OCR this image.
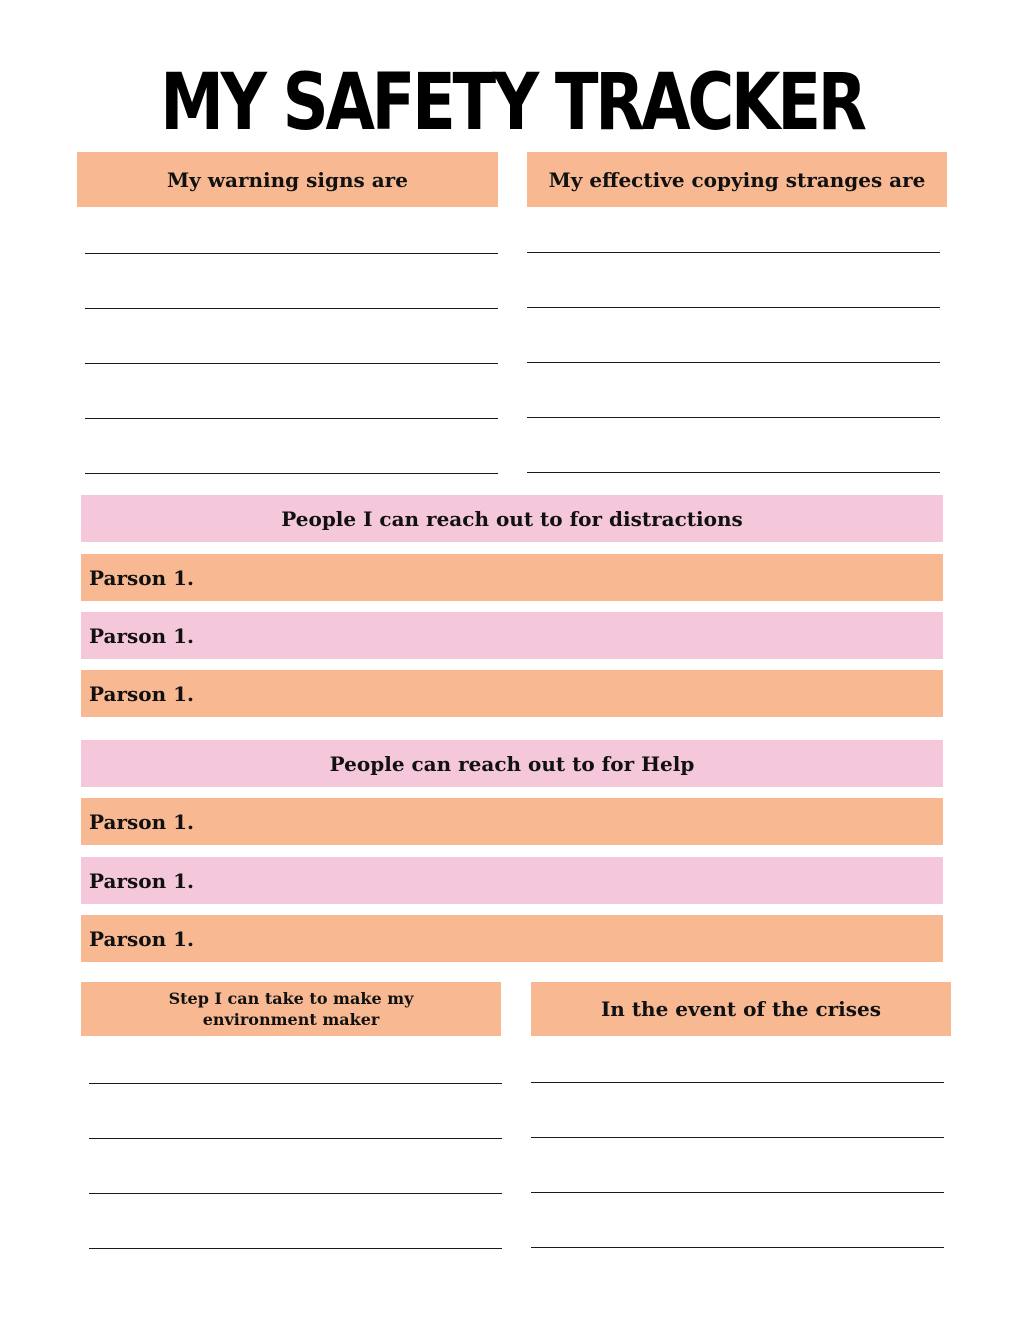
MY SAFETY TRACKER
My warning signs are	My effective copying stranges are
People I can reach out to for distractions
Parson 1.
Parson 1.
Parson 1.
People can reach out to for Help
Parson 1.
Parson 1.
Parson 1.
Step I can take to make my environment maker	In the event of the crises
